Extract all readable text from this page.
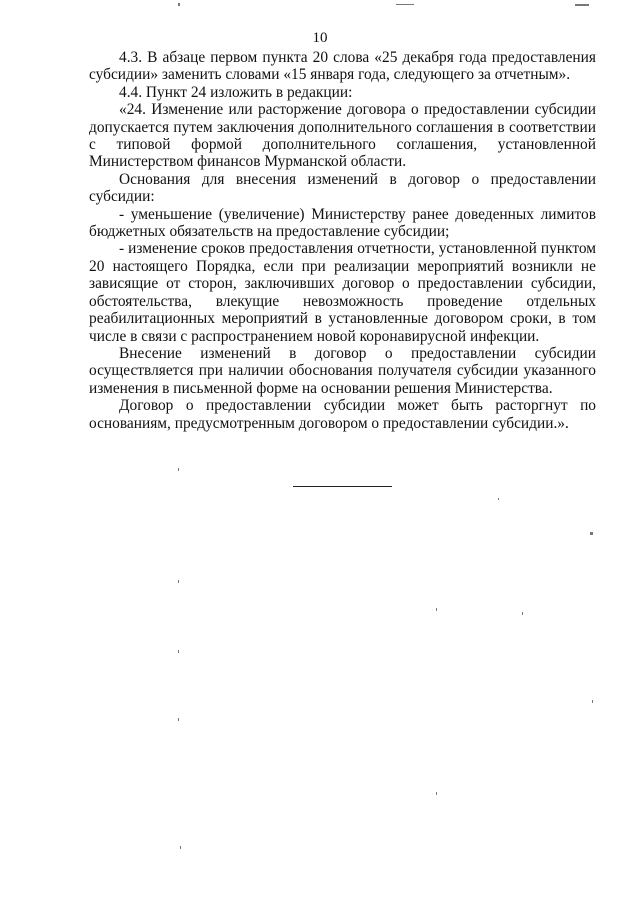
10

4.3. В абзаце первом пункта 20 слова «25 декабря года предоставления субсидии» заменить словами «15 января года, следующего за отчетным».

4.4. Пункт 24 изложить в редакции:

«24. Изменение или расторжение договора о предоставлении субсидии допускается путем заключения дополнительного соглашения в соответствии с типовой формой дополнительного соглашения, установленной Министерством финансов Мурманской области.

Основания для внесения изменений в договор о предоставлении субсидии:

- уменьшение (увеличение) Министерству ранее доведенных лимитов бюджетных обязательств на предоставление субсидии;

- изменение сроков предоставления отчетности, установленной пунктом 20 настоящего Порядка, если при реализации мероприятий возникли не зависящие от сторон, заключивших договор о предоставлении субсидии, обстоятельства, влекущие невозможность проведение отдельных реабилитационных мероприятий в установленные договором сроки, в том числе в связи с распространением новой коронавирусной инфекции.

Внесение изменений в договор о предоставлении субсидии осуществляется при наличии обоснования получателя субсидии указанного изменения в письменной форме на основании решения Министерства.

Договор о предоставлении субсидии может быть расторгнут по основаниям, предусмотренным договором о предоставлении субсидии.».
